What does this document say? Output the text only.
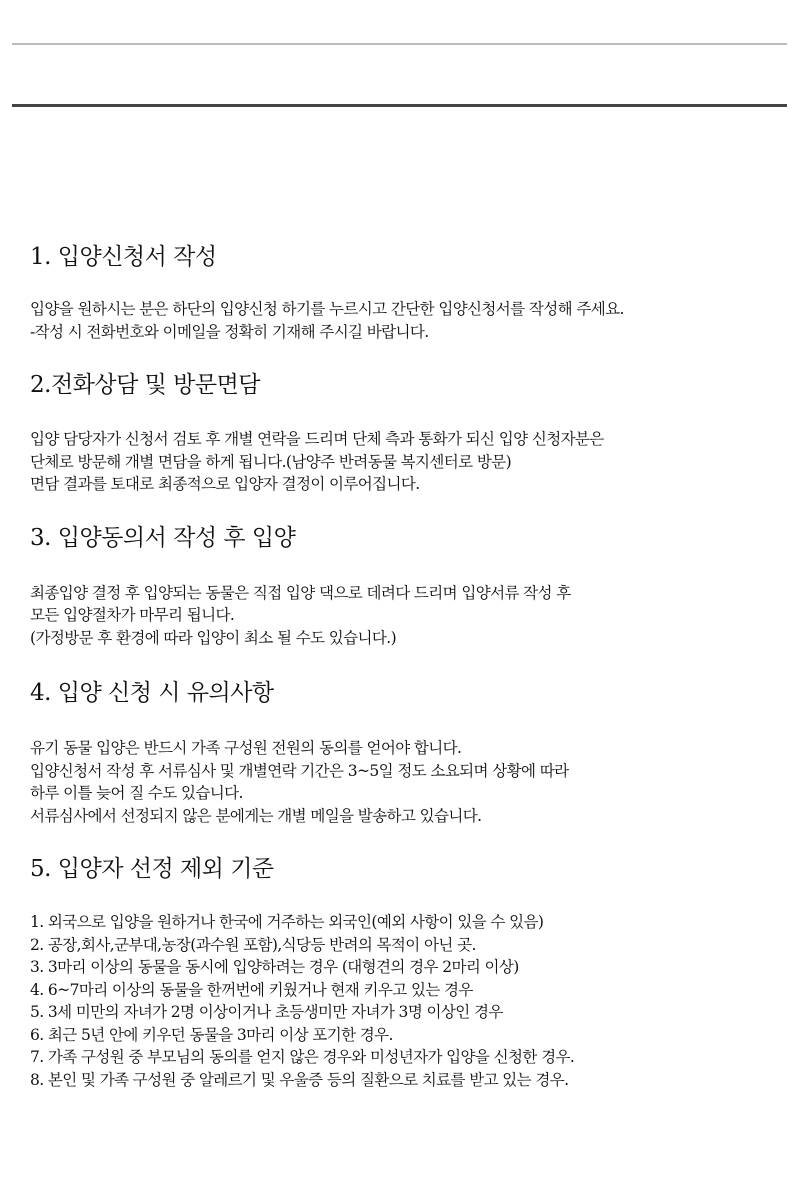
1. 입양신청서 작성
입양을 원하시는 분은 하단의 입양신청 하기를 누르시고 간단한 입양신청서를 작성해 주세요.
-작성 시 전화번호와 이메일을 정확히 기재해 주시길 바랍니다.
2.전화상담 및 방문면담
입양 담당자가 신청서 검토 후 개별 연락을 드리며 단체 측과 통화가 되신 입양 신청자분은
단체로 방문해 개별 면담을 하게 됩니다.(남양주 반려동물 복지센터로 방문)
면담 결과를 토대로 최종적으로 입양자 결정이 이루어집니다.
3. 입양동의서 작성 후 입양
최종입양 결정 후 입양되는 동물은 직접 입양 댁으로 데려다 드리며 입양서류 작성 후
모든 입양절차가 마무리 됩니다.
(가정방문 후 환경에 따라 입양이 최소 될 수도 있습니다.)
4. 입양 신청 시 유의사항
유기 동물 입양은 반드시 가족 구성원 전원의 동의를 얻어야 합니다.
입양신청서 작성 후 서류심사 및 개별연락 기간은 3~5일 정도 소요되며 상황에 따라
하루 이틀 늦어 질 수도 있습니다.
서류심사에서 선정되지 않은 분에게는 개별 메일을 발송하고 있습니다.
5. 입양자 선정 제외 기준
1. 외국으로 입양을 원하거나 한국에 거주하는 외국인(예외 사항이 있을 수 있음)
2. 공장,회사,군부대,농장(과수원 포함),식당등 반려의 목적이 아닌 곳.
3. 3마리 이상의 동물을 동시에 입양하려는 경우 (대형견의 경우 2마리 이상)
4. 6~7마리 이상의 동물을 한꺼번에 키웠거나 현재 키우고 있는 경우
5. 3세 미만의 자녀가 2명 이상이거나 초등생미만 자녀가 3명 이상인 경우
6. 최근 5년 안에 키우던 동물을 3마리 이상 포기한 경우.
7. 가족 구성원 중 부모님의 동의를 얻지 않은 경우와 미성년자가 입양을 신청한 경우.
8. 본인 및 가족 구성원 중 알레르기 및 우울증 등의 질환으로 치료를 받고 있는 경우.
